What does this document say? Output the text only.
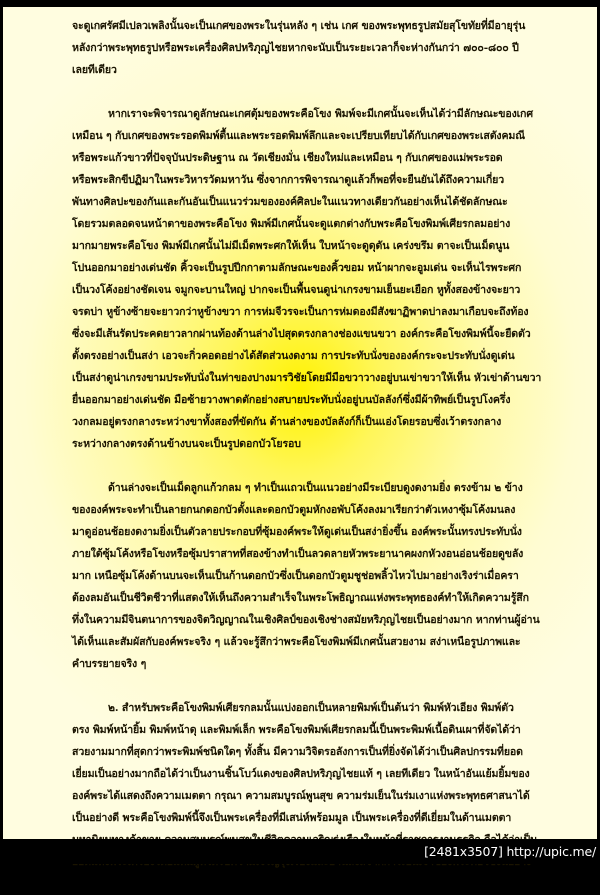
จะดูเกศรัศมีเปลวเพลิงนั้นจะเป็นเกศของพระในรุ่นหลัง ๆ เช่น เกศ ของพระพุทธรูปสมัยสุโขทัยที่มีอายุรุ่น
หลังกว่าพระพุทธรูปหรือพระเครื่องศิลปหริภุญไชยหากจะนับเป็นระยะเวลาก็จะห่างกันกว่า ๗๐๐-๘๐๐ ปี
เลยทีเดียว
หากเราจะพิจารณาดูลักษณะเกศตุ้มของพระคือโขง พิมพ์จะมีเกศนั้นจะเห็นได้ว่ามีลักษณะของเกศ
เหมือน ๆ กับเกศของพระรอดพิมพ์ตื้นและพระรอดพิมพ์ลึกและจะเปรียบเทียบได้กับเกศของพระเสตังคมณี
หรือพระแก้วขาวที่ปัจจุบันประดิษฐาน ณ วัดเชียงมั่น เชียงใหม่และเหมือน ๆ กับเกศของแม่พระรอด
หรือพระสิกขีปฏิมาในพระวิหารวัดมหาวัน ซึ่งจากการพิจารณาดูแล้วก็พอที่จะยืนยันได้ถึงความเกี่ยว
พันทางศิลปะของกันและกันอันเป็นแนวร่วมขององค์ศิลปะในแนวทางเดียวกันอย่างเห็นได้ชัดลักษณะ
โดยรวมตลอดจนหน้าตาของพระคือโขง พิมพ์มีเกศนั้นจะดูแตกต่างกับพระคือโขงพิมพ์เศียรกลมอย่าง
มากมายพระคือโขง พิมพ์มีเกศนั้นไม่มีเม็ดพระศกให้เห็น ใบหน้าจะดูดุดัน เคร่งขรึม ตาจะเป็นเม็ดนูน
โปนออกมาอย่างเด่นชัด คิ้วจะเป็นรูปปีกกาตามลักษณะของคิ้วขอม หน้าผากจะอูมเด่น จะเห็นไรพระศก
เป็นวงโค้งอย่างชัดเจน จมูกจะบานใหญ่ ปากจะเป็นพื้นจนดูน่าเกรงขามเย็นยะเยือก หูทั้งสองข้างจะยาว
จรดบ่า หูข้างซ้ายจะยาวกว่าหูข้างขวา การห่มจีวรจะเป็นการห่มดองมีสังฆาฏิพาดบ่าลงมาเกือบจะถึงท้อง
ซึ่งจะมีเส้นรัดประคดยาวลากผ่านท้องด้านล่างไปสุดตรงกลางช่องแขนขวา องค์กระคือโขงพิมพ์นี้จะยืดตัว
ตั้งตรงอย่างเป็นสง่า เอวจะกิ่วคอดอย่างได้สัดส่วนงดงาม การประทับนั่งขององค์กระจะประทับนั่งดูเด่น
เป็นสง่าดูน่าเกรงขามประทับนั่งในท่าของปางมารวิชัยโดยมีมือขวาวางอยู่บนเข่าขวาให้เห็น หัวเข่าด้านขวา
ยื่นออกมาอย่างเด่นชัด มือซ้ายวางพาดตักอย่างสบายประทับนั่งอยู่บนบัลลังก์ซึ่งมีผ้าทิพย์เป็นรูปโงครึ่ง
วงกลมอยู่ตรงกลางระหว่างขาทั้งสองที่ขัดกัน ด้านล่างของบัลลังก์ก็เป็นแอ่งโดยรอบซึ่งเว้าตรงกลาง
ระหว่างกลางตรงด้านข้างบนจะเป็นรูปดอกบัวโยรอบ
ด้านล่างจะเป็นเม็ดลูกแก้วกลม ๆ ทำเป็นแถวเป็นแนวอย่างมีระเบียบดูงดงามยิ่ง ตรงข้าม ๒ ข้าง
ขององค์พระจะทำเป็นลายกนกดอกบัวตั้งและดอกบัวตูมหักงอพับโค้งลงมาเรียกว่าตัวเหงาซุ้มโค้งมนลง
มาดูอ่อนช้อยงดงามยิ่งเป็นตัวลายประกอบที่ซุ้มองค์พระให้ดูเด่นเป็นสง่ายิ่งขึ้น องค์พระนั้นทรงประทับนั่ง
ภายใต้ซุ้มโค้งหรือโขงหรือซุ้มปราสาทที่สองข้างทำเป็นลวดลายหัวพระยานาคผงกหัวงอนอ่อนช้อยดูขลัง
มาก เหนือซุ้มโค้งด้านบนจะเห็นเป็นก้านดอกบัวซึ่งเป็นดอกบัวตูมชูช่อพลิ้วไหวไปมาอย่างเริงร่าเมื่อครา
ต้องลมอันเป็นชีวิตชีวาที่แสดงให้เห็นถึงความสำเร็จในพระโพธิญาณแห่งพระพุทธองค์ทำให้เกิดความรู้สึก
ทึ่งในความมีจินตนาการของจิตวิญญาณในเชิงศิลป์ของเชิงช่างสมัยหริภุญไชยเป็นอย่างมาก หากท่านผู้อ่าน
ได้เห็นและสัมผัสกับองค์พระจริง ๆ แล้วจะรู้สึกว่าพระคือโขงพิมพ์มีเกศนั้นสวยงาม สง่าเหนือรูปภาพและ
คำบรรยายจริง ๆ
๒. สำหรับพระคือโขงพิมพ์เศียรกลมนั้นแบ่งออกเป็นหลายพิมพ์เป็นต้นว่า พิมพ์หัวเอียง พิมพ์ตัว
ตรง พิมพ์หน้ายิ้ม พิมพ์หน้าดุ และพิมพ์เล็ก พระคือโขงพิมพ์เศียรกลมนี้เป็นพระพิมพ์เนื้อดินเผาที่จัดได้ว่า
สวยงามมากที่สุดกว่าพระพิมพ์ชนิดใดๆ ทั้งสิ้น มีความวิจิตรอลังการเป็นที่ยิ่งจัดได้ว่าเป็นศิลปกรรมที่ยอด
เยี่ยมเป็นอย่างมากถือได้ว่าเป็นงานชิ้นโบว์แดงของศิลปหริภุญไชยแท้ ๆ เลยทีเดียว ในหน้าอันแย้มยิ้มของ
องค์พระได้แสดงถึงความเมตตา กรุณา ความสมบูรณ์พูนสุข ความร่มเย็นในร่มเงาแห่งพระพุทธศาสนาได้
เป็นอย่างดี พระคือโขงพิมพ์นี้จึงเป็นพระเครื่องที่มีเสน่ห์พร้อมมูล เป็นพระเครื่องที่ดีเยี่ยมในด้านเมตตา
[2481x3507] http://upic.me/
